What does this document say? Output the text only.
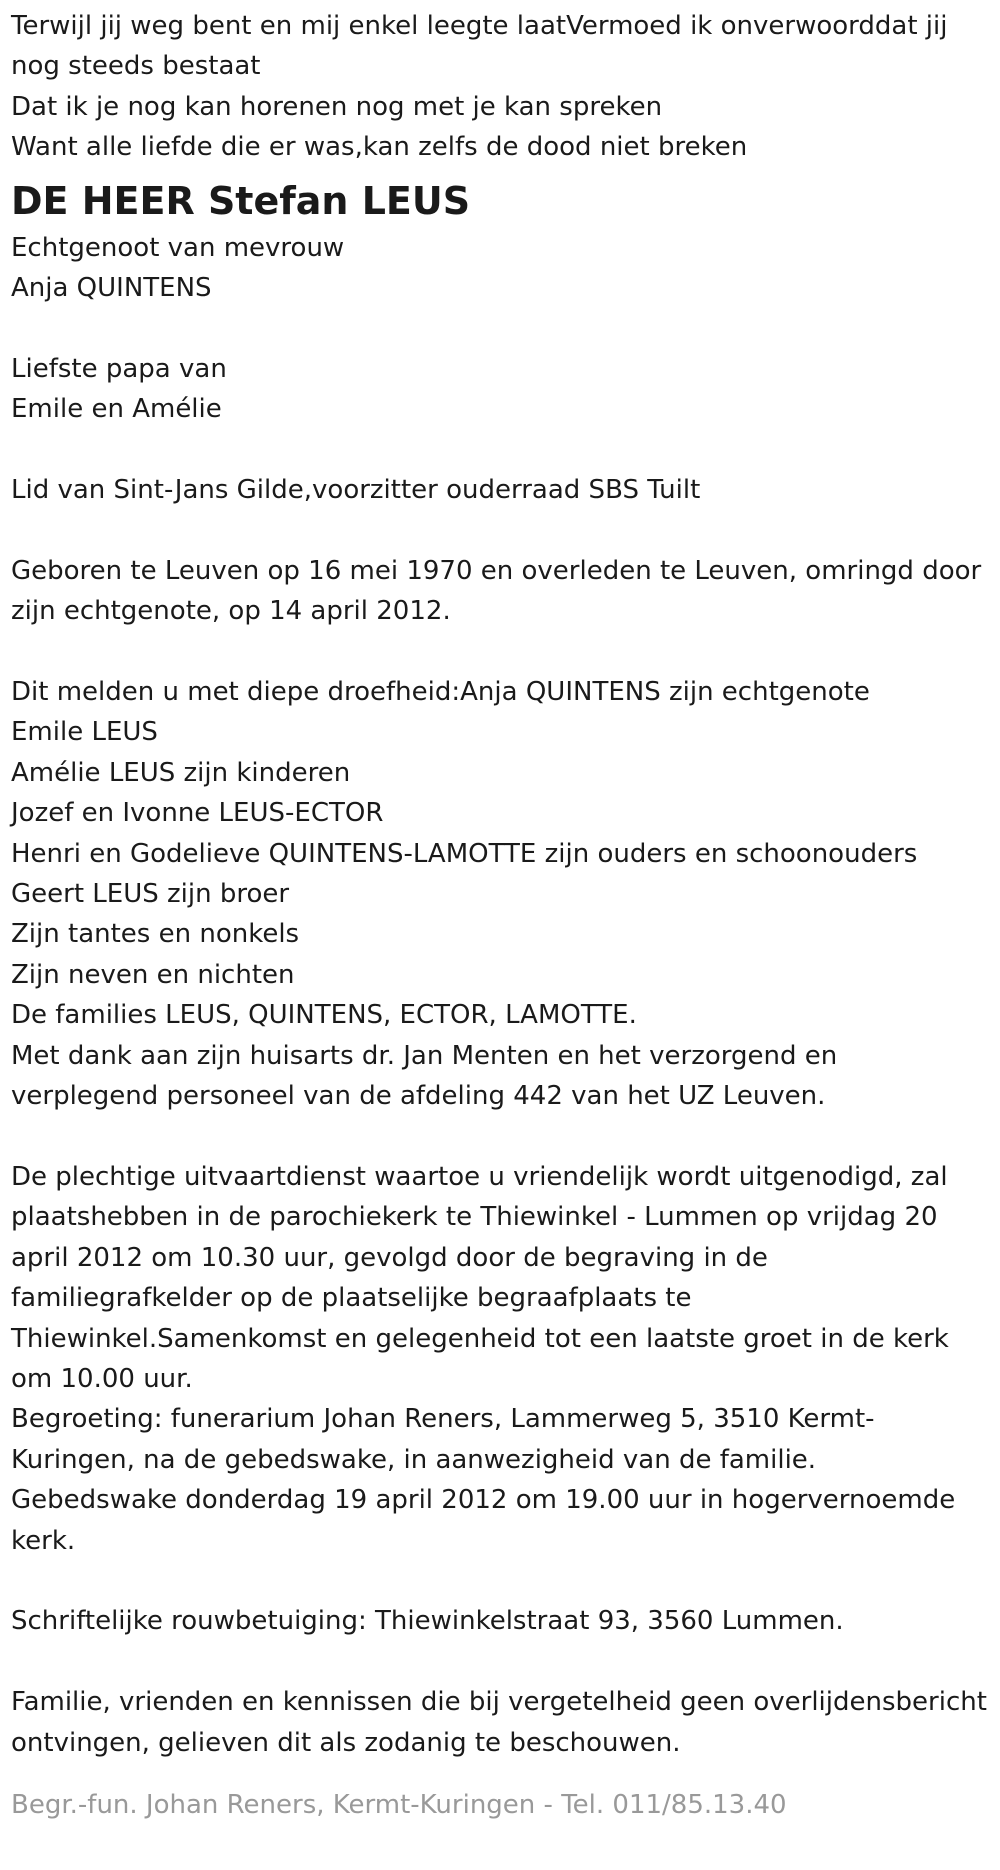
Terwijl jij weg bent en mij enkel leegte laatVermoed ik onverwoorddat jij nog steeds bestaat

Dat ik je nog kan horenen nog met je kan spreken

Want alle liefde die er was,kan zelfs de dood niet breken

DE HEER Stefan LEUS

Echtgenoot van mevrouw

Anja QUINTENS

Liefste papa van

Emile en Amélie

Lid van Sint-Jans Gilde,voorzitter ouderraad SBS Tuilt

Geboren te Leuven op 16 mei 1970 en overleden te Leuven, omringd door zijn echtgenote, op 14 april 2012.

Dit melden u met diepe droefheid:Anja QUINTENS zijn echtgenote

Emile LEUS

Amélie LEUS zijn kinderen

Jozef en Ivonne LEUS-ECTOR

Henri en Godelieve QUINTENS-LAMOTTE zijn ouders en schoonouders

Geert LEUS zijn broer

Zijn tantes en nonkels

Zijn neven en nichten

De families LEUS, QUINTENS, ECTOR, LAMOTTE.

Met dank aan zijn huisarts dr. Jan Menten en het verzorgend en verplegend personeel van de afdeling 442 van het UZ Leuven.

De plechtige uitvaartdienst waartoe u vriendelijk wordt uitgenodigd, zal plaatshebben in de parochiekerk te Thiewinkel - Lummen op vrijdag 20 april 2012 om 10.30 uur, gevolgd door de begraving in de familiegrafkelder op de plaatselijke begraafplaats te Thiewinkel.Samenkomst en gelegenheid tot een laatste groet in de kerk om 10.00 uur.

Begroeting: funerarium Johan Reners, Lammerweg 5, 3510 Kermt-Kuringen, na de gebedswake, in aanwezigheid van de familie.

Gebedswake donderdag 19 april 2012 om 19.00 uur in hogervernoemde kerk.

Schriftelijke rouwbetuiging: Thiewinkelstraat 93, 3560 Lummen.

Familie, vrienden en kennissen die bij vergetelheid geen overlijdensbericht ontvingen, gelieven dit als zodanig te beschouwen.

Begr.-fun. Johan Reners, Kermt-Kuringen - Tel. 011/85.13.40
